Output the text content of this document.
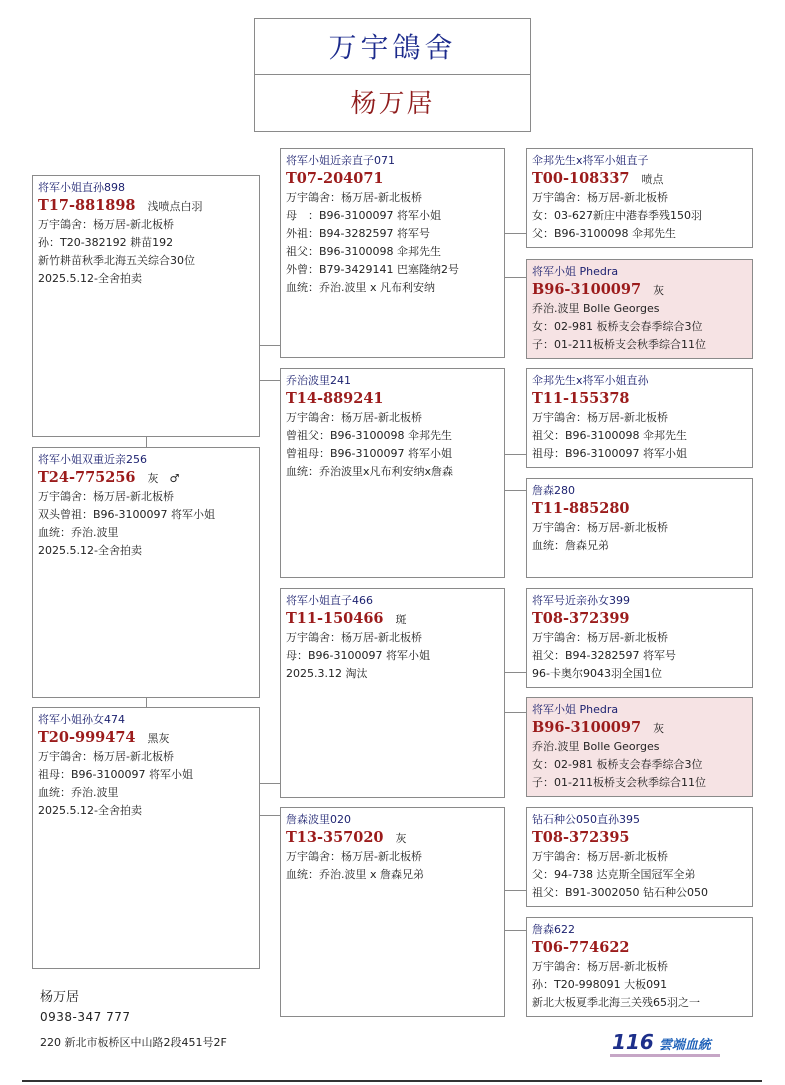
万宇鴿舍
杨万居
将军小姐直孙898
T17-881898 浅喷点白羽
万宇鴿舍：杨万居-新北板桥
孙：T20-382192 耕苗192
新竹耕苗秋季北海五关综合30位
2025.5.12-全舍拍卖
将军小姐双重近亲256
T24-775256 灰　♂
万宇鴿舍：杨万居-新北板桥
双头曾祖：B96-3100097 将军小姐
血统：乔治.波里
2025.5.12-全舍拍卖
将军小姐孙女474
T20-999474 黑灰
万宇鴿舍：杨万居-新北板桥
祖母：B96-3100097 将军小姐
血统：乔治.波里
2025.5.12-全舍拍卖
将军小姐近亲直子071
T07-204071
万宇鴿舍：杨万居-新北板桥
母　：B96-3100097 将军小姐
外祖：B94-3282597 将军号
祖父：B96-3100098 伞邦先生
外曾：B79-3429141 巴塞隆纳2号
血统：乔治.波里 x 凡布利安纳
乔治波里241
T14-889241
万宇鴿舍：杨万居-新北板桥
曾祖父：B96-3100098 伞邦先生
曾祖母：B96-3100097 将军小姐
血统：乔治波里x凡布利安纳x詹森
将军小姐直子466
T11-150466 斑
万宇鴿舍：杨万居-新北板桥
母：B96-3100097 将军小姐
2025.3.12 淘汰
詹森波里020
T13-357020 灰
万宇鴿舍：杨万居-新北板桥
血统：乔治.波里 x 詹森兄弟
伞邦先生x将军小姐直子
T00-108337 喷点
万宇鴿舍：杨万居-新北板桥
女：03-627新庄中港春季残150羽
父：B96-3100098 伞邦先生
将军小姐 Phedra
B96-3100097 灰
乔治.波里 Bolle Georges
女：02-981 板桥支会春季综合3位
子：01-211板桥支会秋季综合11位
伞邦先生x将军小姐直孙
T11-155378
万宇鴿舍：杨万居-新北板桥
祖父：B96-3100098 伞邦先生
祖母：B96-3100097 将军小姐
詹森280
T11-885280
万宇鴿舍：杨万居-新北板桥
血统：詹森兄弟
将军号近亲孙女399
T08-372399
万宇鴿舍：杨万居-新北板桥
祖父：B94-3282597 将军号
96-卡奥尔9043羽全国1位
将军小姐 Phedra
B96-3100097 灰
乔治.波里 Bolle Georges
女：02-981 板桥支会春季综合3位
子：01-211板桥支会秋季综合11位
钻石种公050直孙395
T08-372395
万宇鴿舍：杨万居-新北板桥
父：94-738 达克斯全国冠军全弟
祖父：B91-3002050 钻石种公050
詹森622
T06-774622
万宇鴿舍：杨万居-新北板桥
孙：T20-998091 大板091
新北大板夏季北海三关残65羽之一
杨万居
0938-347 777
220 新北市板桥区中山路2段451号2F	116 雲端血統
